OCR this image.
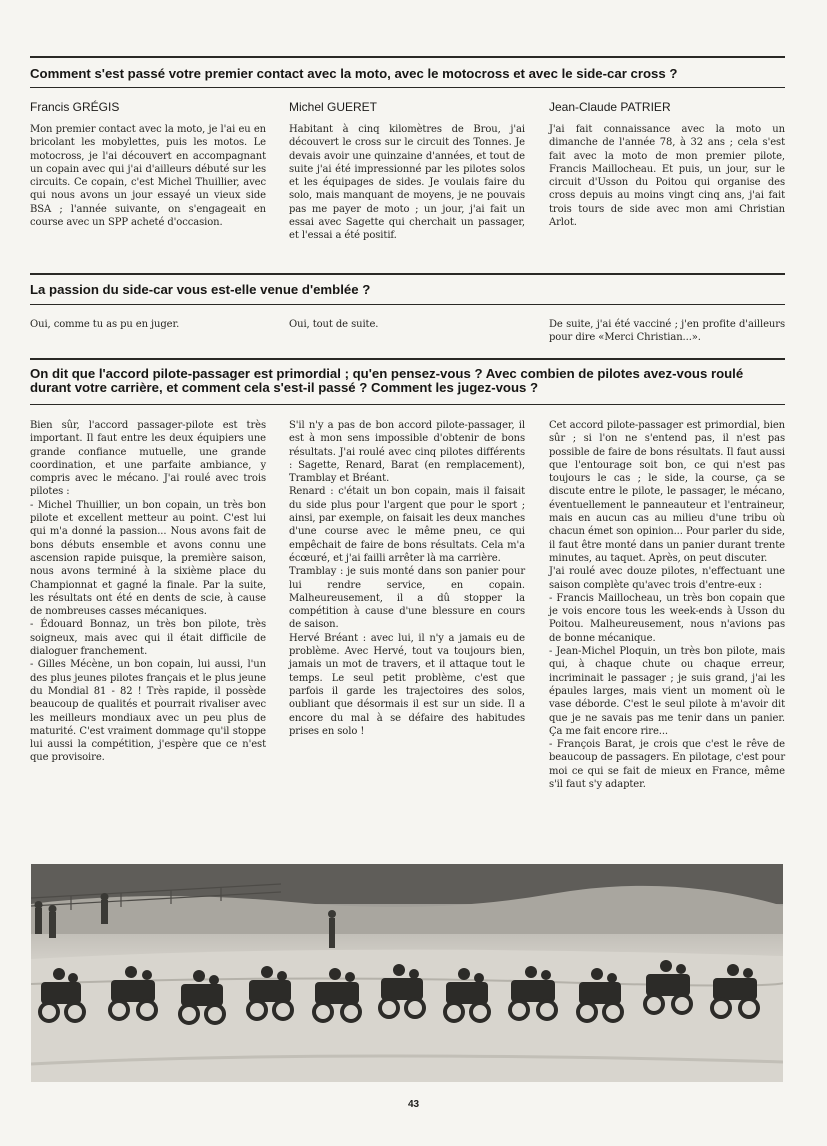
Comment s'est passé votre premier contact avec la moto, avec le motocross et avec le side-car cross ?
Francis GRÉGIS	Michel GUERET	Jean-Claude PATRIER

Mon premier contact avec la moto, je l'ai eu en bricolant les mobylettes, puis les motos. Le motocross, je l'ai découvert en accompagnant un copain avec qui j'ai d'ailleurs débuté sur les circuits. Ce copain, c'est Michel Thuillier, avec qui nous avons un jour essayé un vieux side BSA ; l'année suivante, on s'engageait en course avec un SPP acheté d'occasion.

Habitant à cinq kilomètres de Brou, j'ai découvert le cross sur le circuit des Tonnes. Je devais avoir une quinzaine d'années, et tout de suite j'ai été impressionné par les pilotes solos et les équipages de sides. Je voulais faire du solo, mais manquant de moyens, je ne pouvais pas me payer de moto ; un jour, j'ai fait un essai avec Sagette qui cherchait un passager, et l'essai a été positif.

J'ai fait connaissance avec la moto un dimanche de l'année 78, à 32 ans ; cela s'est fait avec la moto de mon premier pilote, Francis Maillocheau. Et puis, un jour, sur le circuit d'Usson du Poitou qui organise des cross depuis au moins vingt cinq ans, j'ai fait trois tours de side avec mon ami Christian Arlot.

La passion du side-car vous est-elle venue d'emblée ?

Oui, comme tu as pu en juger.	Oui, tout de suite.	De suite, j'ai été vacciné ; j'en profite d'ailleurs pour dire «Merci Christian...».

On dit que l'accord pilote-passager est primordial ; qu'en pensez-vous ? Avec combien de pilotes avez-vous roulé durant votre carrière, et comment cela s'est-il passé ? Comment les jugez-vous ?

Bien sûr, l'accord passager-pilote est très important. Il faut entre les deux équipiers une grande confiance mutuelle, une grande coordination, et une parfaite ambiance, y compris avec le mécano. J'ai roulé avec trois pilotes :

- Michel Thuillier, un bon copain, un très bon pilote et excellent metteur au point. C'est lui qui m'a donné la passion... Nous avons fait de bons débuts ensemble et avons connu une ascension rapide puisque, la première saison, nous avons terminé à la sixième place du Championnat et gagné la finale. Par la suite, les résultats ont été en dents de scie, à cause de nombreuses casses mécaniques.

- Édouard Bonnaz, un très bon pilote, très soigneux, mais avec qui il était difficile de dialoguer franchement.

- Gilles Mécène, un bon copain, lui aussi, l'un des plus jeunes pilotes français et le plus jeune du Mondial 81 - 82 ! Très rapide, il possède beaucoup de qualités et pourrait rivaliser avec les meilleurs mondiaux avec un peu plus de maturité. C'est vraiment dommage qu'il stoppe lui aussi la compétition, j'espère que ce n'est que provisoire.

S'il n'y a pas de bon accord pilote-passager, il est à mon sens impossible d'obtenir de bons résultats. J'ai roulé avec cinq pilotes différents : Sagette, Renard, Barat (en remplacement), Tramblay et Bréant.

Renard : c'était un bon copain, mais il faisait du side plus pour l'argent que pour le sport ; ainsi, par exemple, on faisait les deux manches d'une course avec le même pneu, ce qui empêchait de faire de bons résultats. Cela m'a écœuré, et j'ai failli arrêter là ma carrière.

Tramblay : je suis monté dans son panier pour lui rendre service, en copain. Malheureusement, il a dû stopper la compétition à cause d'une blessure en cours de saison.

Hervé Bréant : avec lui, il n'y a jamais eu de problème. Avec Hervé, tout va toujours bien, jamais un mot de travers, et il attaque tout le temps. Le seul petit problème, c'est que parfois il garde les trajectoires des solos, oubliant que désormais il est sur un side. Il a encore du mal à se défaire des habitudes prises en solo !

Cet accord pilote-passager est primordial, bien sûr ; si l'on ne s'entend pas, il n'est pas possible de faire de bons résultats. Il faut aussi que l'entourage soit bon, ce qui n'est pas toujours le cas ; le side, la course, ça se discute entre le pilote, le passager, le mécano, éventuellement le panneauteur et l'entraineur, mais en aucun cas au milieu d'une tribu où chacun émet son opinion... Pour parler du side, il faut être monté dans un panier durant trente minutes, au taquet. Après, on peut discuter.

J'ai roulé avec douze pilotes, n'effectuant une saison complète qu'avec trois d'entre-eux :

- Francis Maillocheau, un très bon copain que je vois encore tous les week-ends à Usson du Poitou. Malheureusement, nous n'avions pas de bonne mécanique.

- Jean-Michel Ploquin, un très bon pilote, mais qui, à chaque chute ou chaque erreur, incriminait le passager ; je suis grand, j'ai les épaules larges, mais vient un moment où le vase déborde. C'est le seul pilote à m'avoir dit que je ne savais pas me tenir dans un panier. Ça me fait encore rire...

- François Barat, je crois que c'est le rêve de beaucoup de passagers. En pilotage, c'est pour moi ce qui se fait de mieux en France, même s'il faut s'y adapter.

43
